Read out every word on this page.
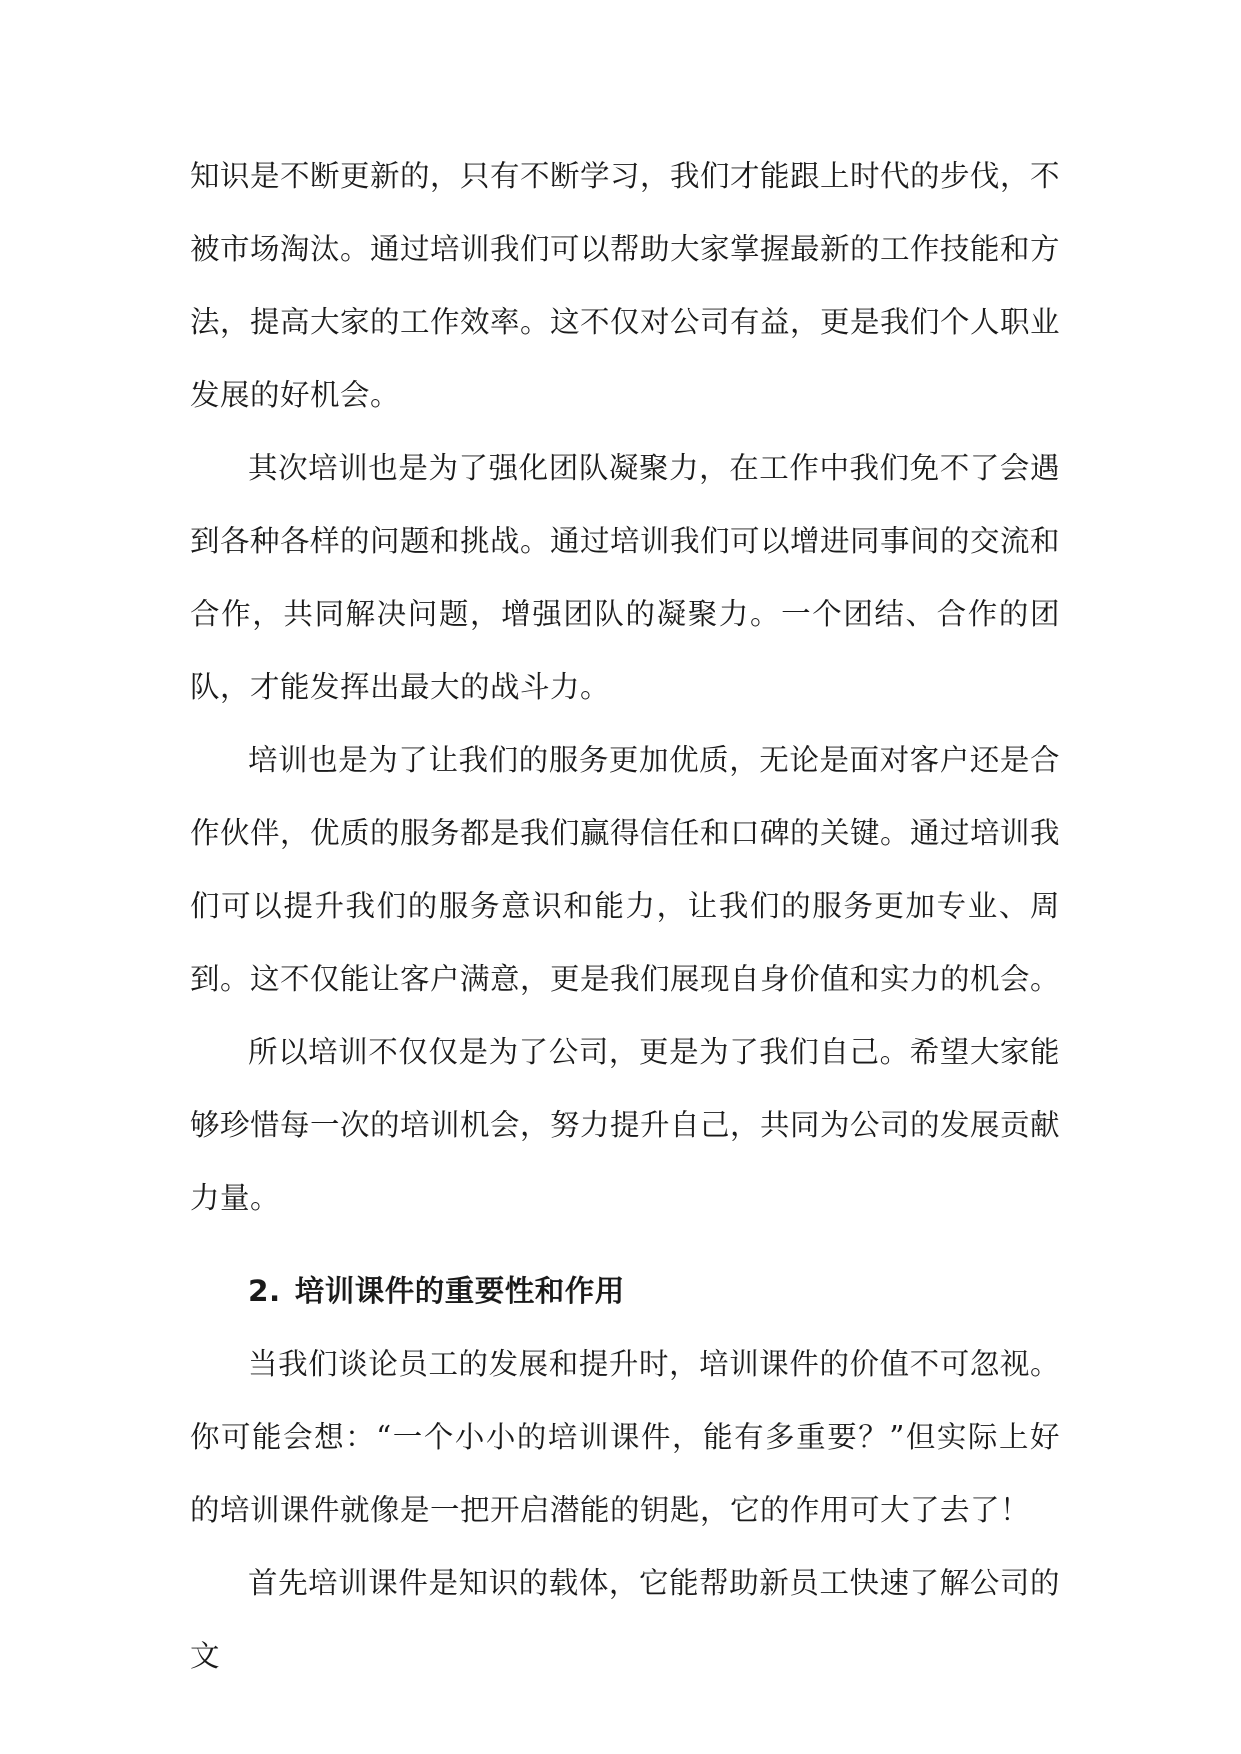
知识是不断更新的，只有不断学习，我们才能跟上时代的步伐，不被市场淘汰。通过培训我们可以帮助大家掌握最新的工作技能和方法，提高大家的工作效率。这不仅对公司有益，更是我们个人职业发展的好机会。

其次培训也是为了强化团队凝聚力，在工作中我们免不了会遇到各种各样的问题和挑战。通过培训我们可以增进同事间的交流和合作，共同解决问题，增强团队的凝聚力。一个团结、合作的团队，才能发挥出最大的战斗力。

培训也是为了让我们的服务更加优质，无论是面对客户还是合作伙伴，优质的服务都是我们赢得信任和口碑的关键。通过培训我们可以提升我们的服务意识和能力，让我们的服务更加专业、周到。这不仅能让客户满意，更是我们展现自身价值和实力的机会。

所以培训不仅仅是为了公司，更是为了我们自己。希望大家能够珍惜每一次的培训机会，努力提升自己，共同为公司的发展贡献力量。

2. 培训课件的重要性和作用

当我们谈论员工的发展和提升时，培训课件的价值不可忽视。你可能会想：“一个小小的培训课件，能有多重要？”但实际上好的培训课件就像是一把开启潜能的钥匙，它的作用可大了去了！

首先培训课件是知识的载体，它能帮助新员工快速了解公司的文
